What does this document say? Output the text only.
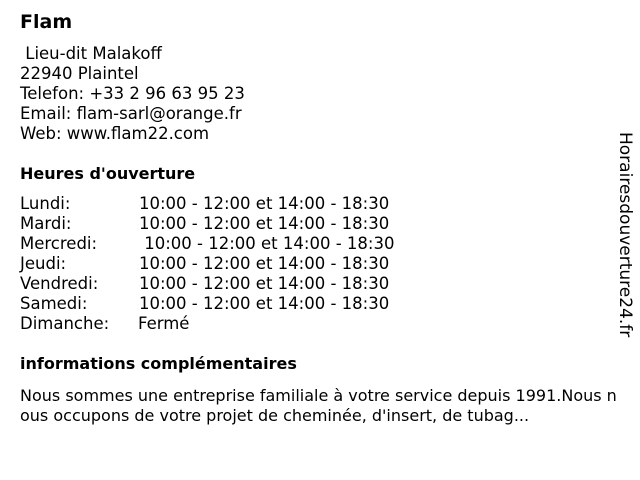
Flam
Lieu-dit Malakoff
22940 Plaintel
Telefon: +33 2 96 63 95 23
Email: flam-sarl@orange.fr
Web: www.flam22.com
Heures d'ouverture
Lundi:	10:00 - 12:00 et 14:00 - 18:30
Mardi:	10:00 - 12:00 et 14:00 - 18:30
Mercredi:	10:00 - 12:00 et 14:00 - 18:30
Jeudi:	10:00 - 12:00 et 14:00 - 18:30
Vendredi:	10:00 - 12:00 et 14:00 - 18:30
Samedi:	10:00 - 12:00 et 14:00 - 18:30
Dimanche:	Fermé
informations complémentaires
Nous sommes une entreprise familiale à votre service depuis 1991.Nous nous occupons de votre projet de cheminée, d'insert, de tubag...
Horairesdouverture24.fr
